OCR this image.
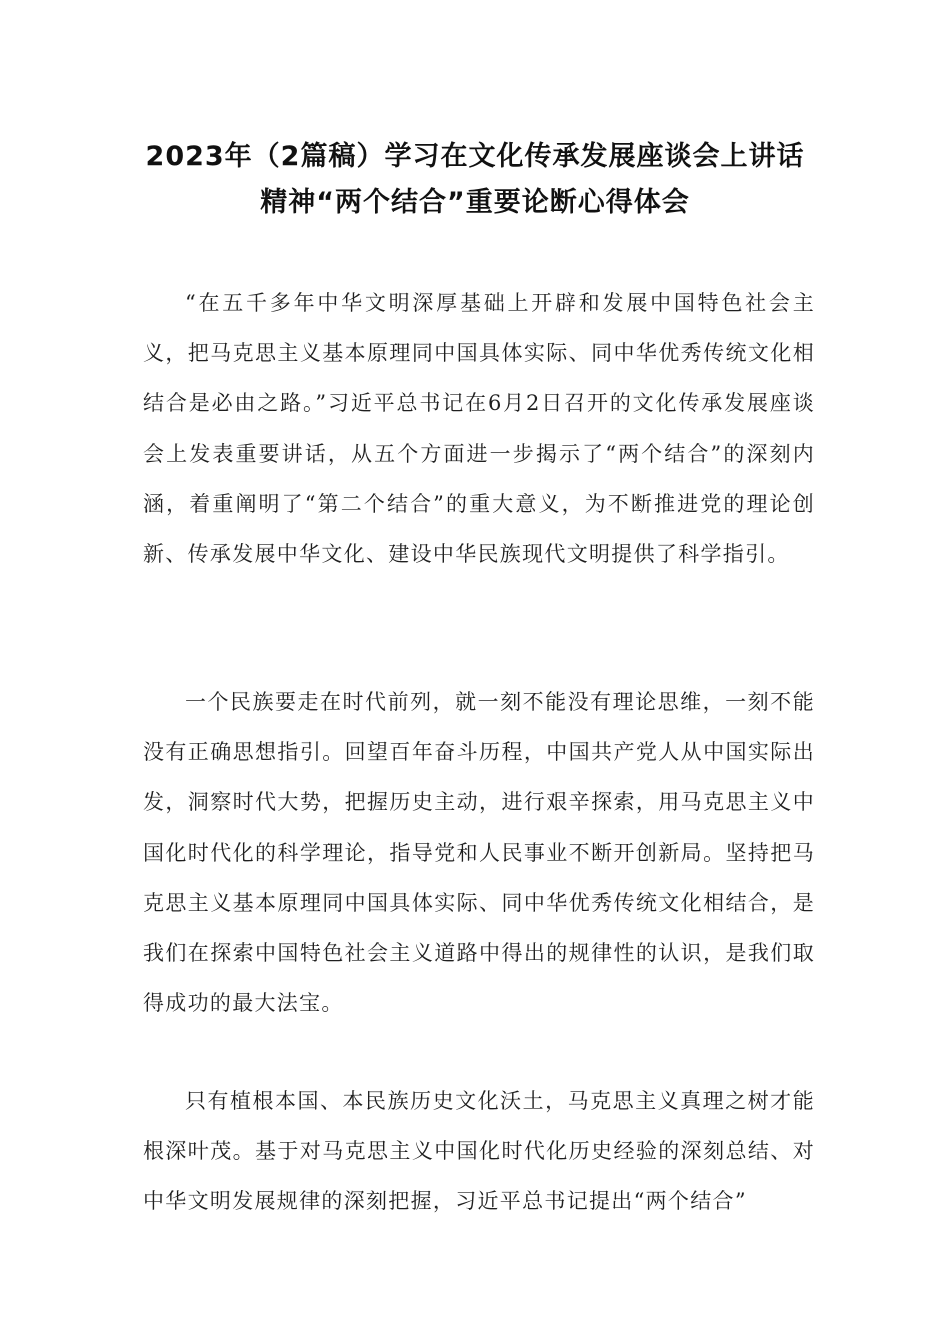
2023年（2篇稿）学习在文化传承发展座谈会上讲话
精神“两个结合”重要论断心得体会

“在五千多年中华文明深厚基础上开辟和发展中国特色社会主义，把马克思主义基本原理同中国具体实际、同中华优秀传统文化相结合是必由之路。”习近平总书记在6月2日召开的文化传承发展座谈会上发表重要讲话，从五个方面进一步揭示了“两个结合”的深刻内涵，着重阐明了“第二个结合”的重大意义，为不断推进党的理论创新、传承发展中华文化、建设中华民族现代文明提供了科学指引。

一个民族要走在时代前列，就一刻不能没有理论思维，一刻不能没有正确思想指引。回望百年奋斗历程，中国共产党人从中国实际出发，洞察时代大势，把握历史主动，进行艰辛探索，用马克思主义中国化时代化的科学理论，指导党和人民事业不断开创新局。坚持把马克思主义基本原理同中国具体实际、同中华优秀传统文化相结合，是我们在探索中国特色社会主义道路中得出的规律性的认识，是我们取得成功的最大法宝。

只有植根本国、本民族历史文化沃土，马克思主义真理之树才能根深叶茂。基于对马克思主义中国化时代化历史经验的深刻总结、对中华文明发展规律的深刻把握，习近平总书记提出“两个结合”
